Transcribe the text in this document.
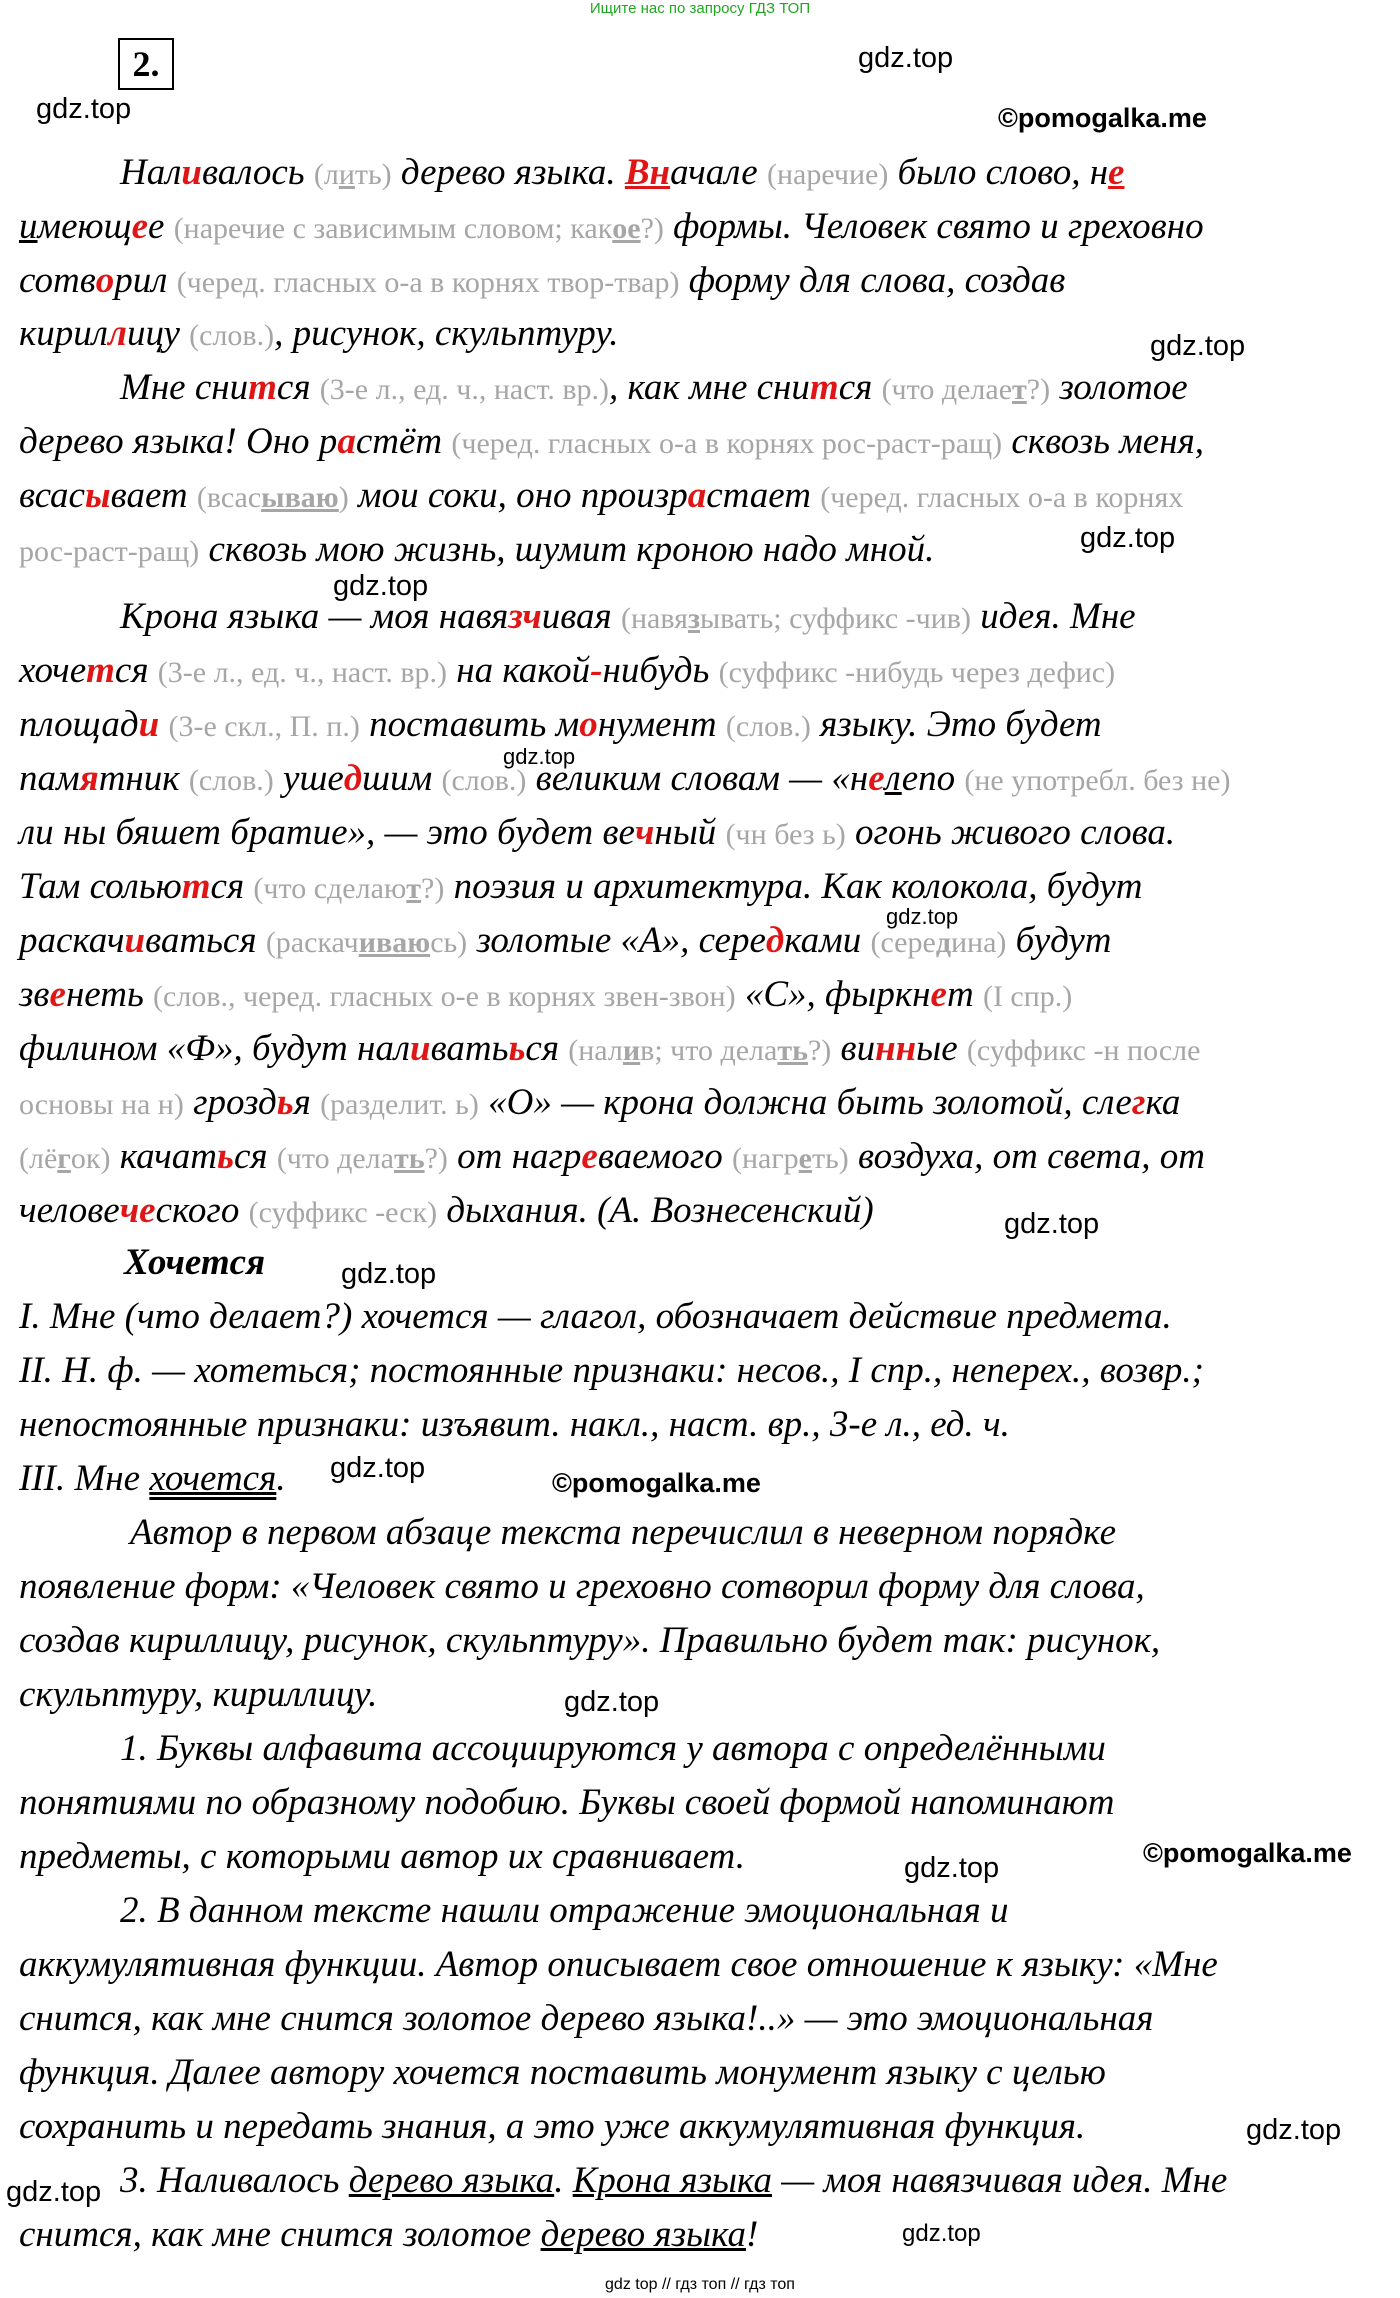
Ищите нас по запросу ГДЗ ТОП
2.	gdz.top
gdz.top	©pomogalka.me
gdz.top
gdz.top
gdz.top
gdz.top
gdz.top
gdz.top
gdz.top
gdz.top	©pomogalka.me
gdz.top
©pomogalka.me
gdz.top
gdz.top
gdz.top
gdz.top
Наливалось (лить) дерево языка. Вначале (наречие) было слово, не
имеющее (наречие с зависимым словом; какое?) формы. Человек свято и греховно
сотворил (черед. гласных о-а в корнях твор-твар) форму для слова, создав
кириллицу (слов.), рисунок, скульптуру.
Мне снится (3-е л., ед. ч., наст. вр.), как мне снится (что делает?) золотое
дерево языка! Оно растёт (черед. гласных о-а в корнях рос-раст-ращ) сквозь меня,
всасывает (всасываю) мои соки, оно произрастает (черед. гласных о-а в корнях
рос-раст-ращ) сквозь мою жизнь, шумит кроною надо мной.
Крона языка — моя навязчивая (навязывать; суффикс -чив) идея. Мне
хочется (3-е л., ед. ч., наст. вр.) на какой-нибудь (суффикс -нибудь через дефис)
площади (3-е скл., П. п.) поставить монумент (слов.) языку. Это будет
памятник (слов.) ушедшим (слов.) великим словам — «нелепо (не употребл. без не)
ли ны бяшет братие», — это будет вечный (чн без ь) огонь живого слова.
Там сольются (что сделают?) поэзия и архитектура. Как колокола, будут
раскачиваться (раскачиваюсь) золотые «А», середками (середина) будут
звенеть (слов., черед. гласных о-е в корнях звен-звон) «С», фыркнет (I спр.)
филином «Ф», будут наливатьься (налив; что делать?) винные (суффикс -н после
основы на н) гроздья (разделит. ь) «О» — крона должна быть золотой, слегка
(лёгок) качаться (что делать?) от нагреваемого (нагреть) воздуха, от света, от
человеческого (суффикс -еск) дыхания. (А. Вознесенский)
Хочется
I. Мне (что делает?) хочется — глагол, обозначает действие предмета.
II. Н. ф. — хотеться; постоянные признаки: несов., I спр., неперех., возвр.;
непостоянные признаки: изъявит. накл., наст. вр., 3-е л., ед. ч.
III. Мне хочется.
Автор в первом абзаце текста перечислил в неверном порядке
появление форм: «Человек свято и греховно сотворил форму для слова,
создав кириллицу, рисунок, скульптуру». Правильно будет так: рисунок,
скульптуру, кириллицу.
1. Буквы алфавита ассоциируются у автора с определёнными
понятиями по образному подобию. Буквы своей формой напоминают
предметы, с которыми автор их сравнивает.
2. В данном тексте нашли отражение эмоциональная и
аккумулятивная функции. Автор описывает свое отношение к языку: «Мне
снится, как мне снится золотое дерево языка!..» — это эмоциональная
функция. Далее автору хочется поставить монумент языку с целью
сохранить и передать знания, а это уже аккумулятивная функция.
3. Наливалось дерево языка. Крона языка — моя навязчивая идея. Мне
снится, как мне снится золотое дерево языка!
gdz top // гдз топ // гдз топ
